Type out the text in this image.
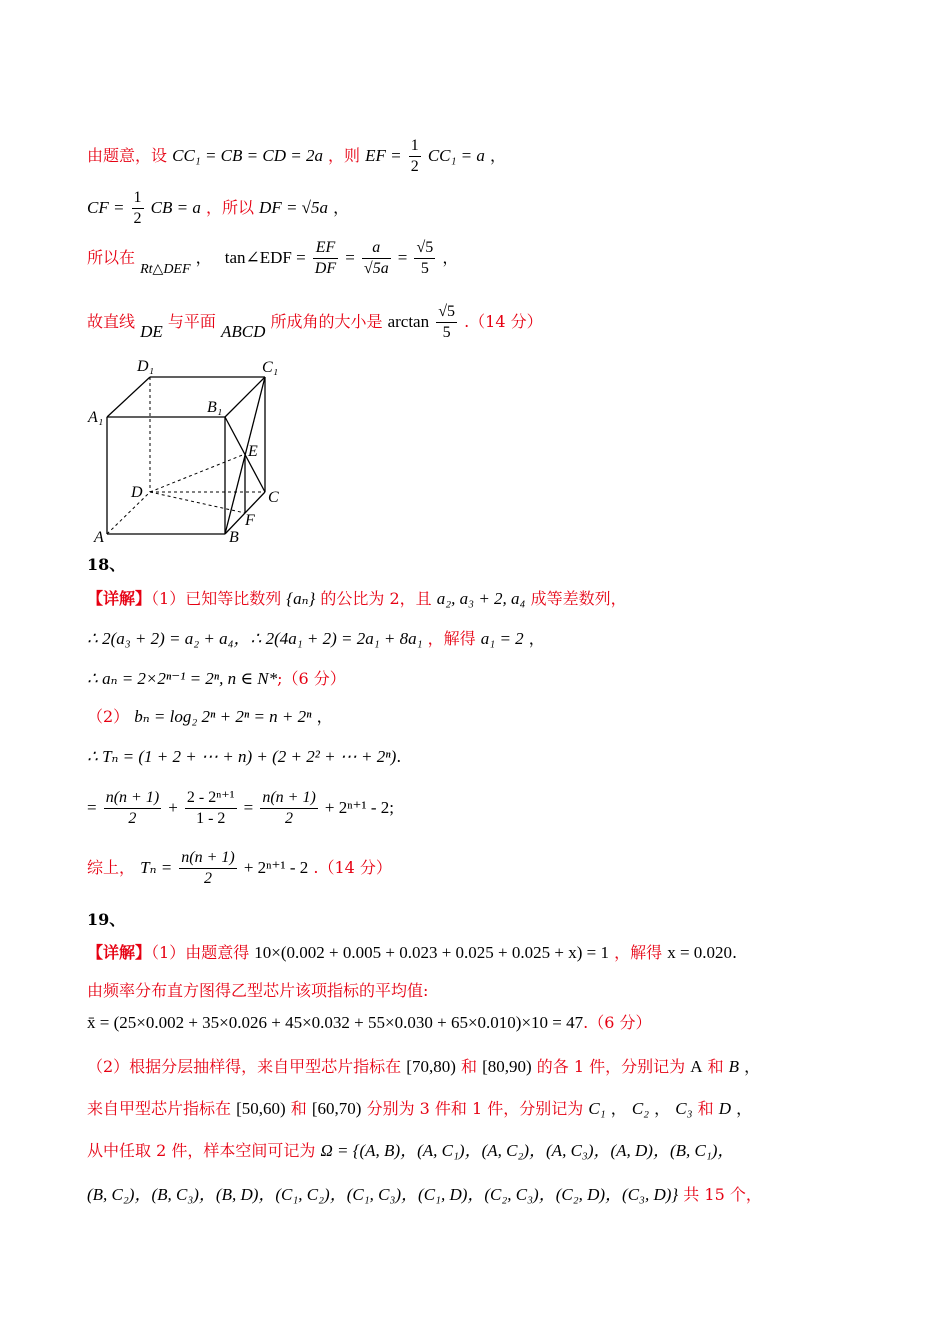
由题意，设 CC₁ = CB = CD = 2a ，则 EF = $\frac{1}{2} CC_1 = a$ ，
CF = $\frac{1}{2}$ CB = a ，所以 DF = √5a ，
所以在 Rt△DEF ， tan∠EDF = $\frac{EF}{DF} = \frac{a}{√5a} = \frac{√5}{5}$ ，
故直线 DE 与平面 ABCD 所成角的大小是 $\arctan \frac{√5}{5} .(14$ 分）
D₁	C₁
A₁
B₁
E
D	C
F
A	B
18、
【详解】（1）已知等比数列 {aₙ} 的公比为 2，且 a₂, a₃ + 2, a₄ 成等差数列，
∴ 2(a₃ + 2) = a₂ + a₄，∴ 2(4a₁ + 2) = 2a₁ + 8a₁ ，解得 a₁ = 2 ，
∴ aₙ = 2×2ⁿ⁻¹ = 2ⁿ, n ∈ N*;（6 分）
（2） bₙ = log₂ 2ⁿ + 2ⁿ = n + 2ⁿ ，
∴ Tₙ = (1 + 2 + ⋯ + n) + (2 + 2² + ⋯ + 2ⁿ).
= $\frac{n(n + 1)}{2} + \frac{\text{2 - 2ⁿ⁺¹}}{1 - 2} = \frac{n(n + 1)}{2} + 2^{n+1} - 2$;
综上， $T_n = \frac{n(n + 1)}{2} + 2^{n+1} - 2$ .（14 分）
19、
【详解】（1）由题意得 10×(0.002 + 0.005 + 0.023 + 0.025 + 0.025 + x) = 1 ，解得 x = 0.020.
由频率分布直方图得乙型芯片该项指标的平均值:
x̄ = (25×0.002 + 35×0.026 + 45×0.032 + 55×0.030 + 65×0.010)×10 = 47.（6 分）
（2）根据分层抽样得，来自甲型芯片指标在 [70,80) 和 [80,90) 的各 1 件，分别记为 A 和 B ，
来自甲型芯片指标在 [50,60) 和 [60,70) 分别为 3 件和 1 件，分别记为 C₁ ， C₂ ， C₃ 和 D ，
从中任取 2 件，样本空间可记为 Ω = {(A, B)，(A, C₁)，(A, C₂)，(A, C₃)，(A, D)，(B, C₁)，
(B, C₂)，(B, C₃)，(B, D)，(C₁, C₂)，(C₁, C₃)，(C₁, D)，(C₂, C₃)，(C₂, D)，(C₃, D)} 共 15 个，
